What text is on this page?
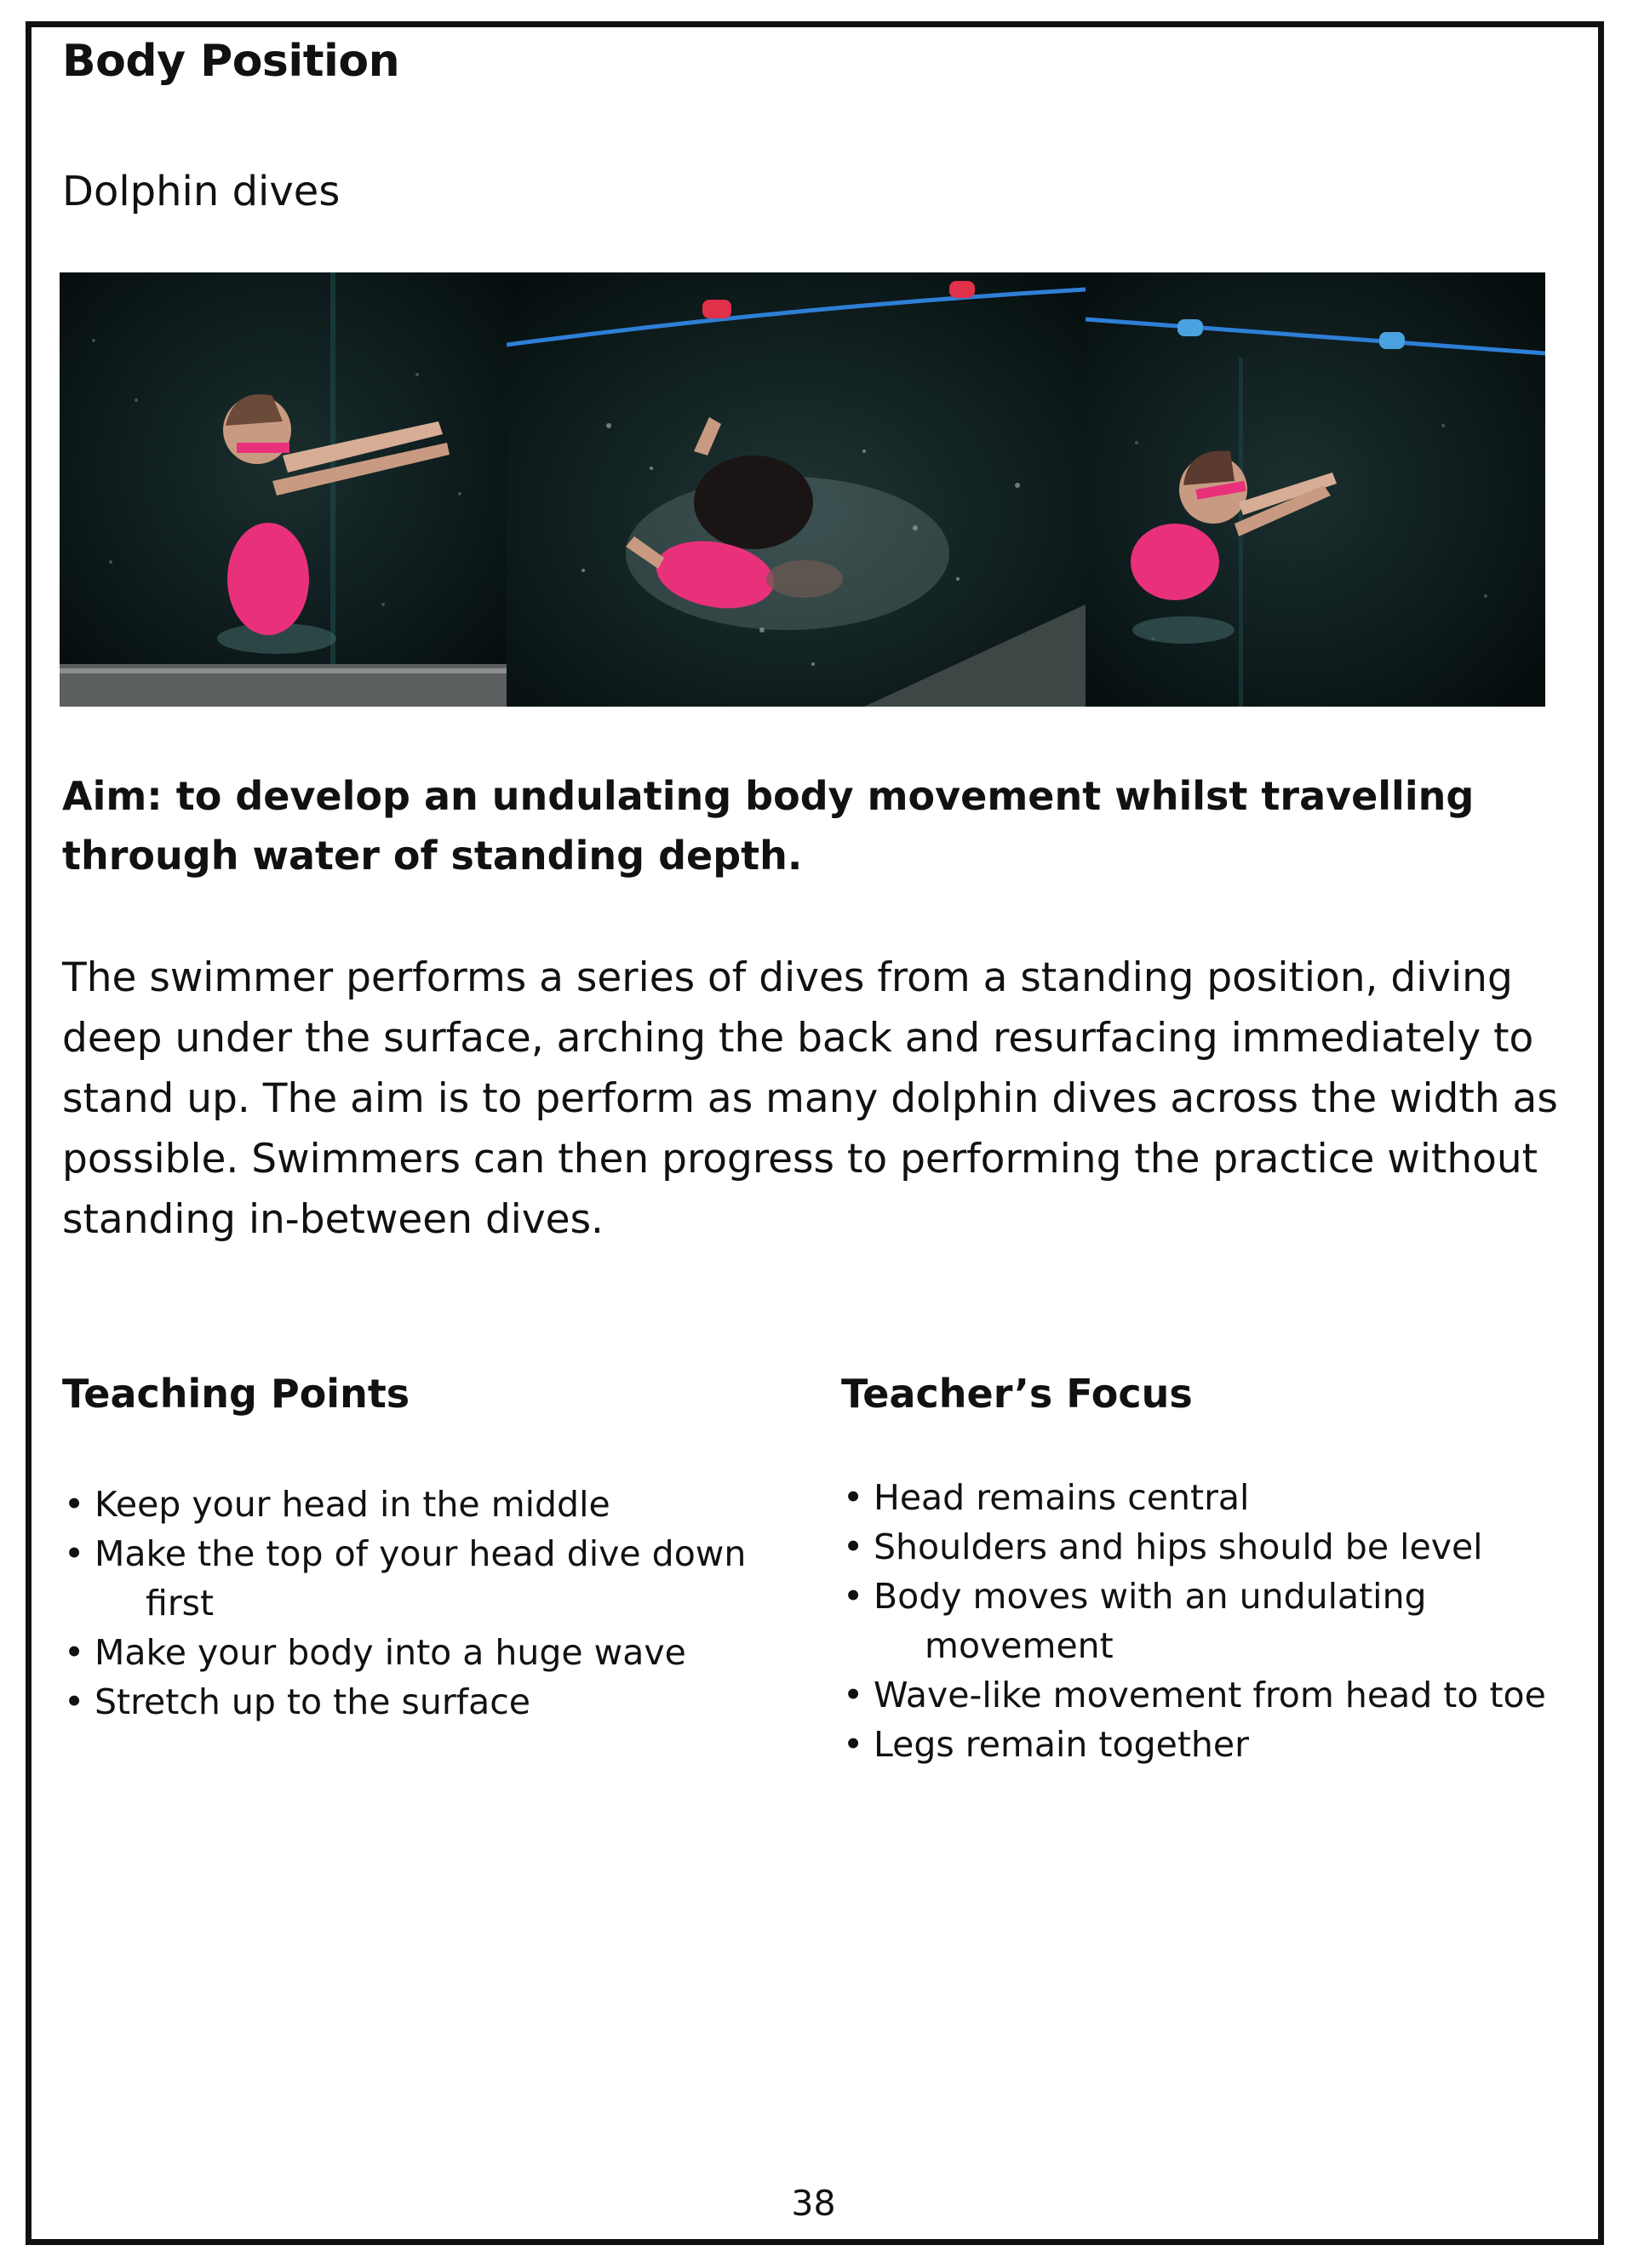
Body Position
Dolphin dives
Aim: to develop an undulating body movement whilst travelling through water of standing depth.
The swimmer performs a series of dives from a standing position, diving deep under the surface, arching the back and resurfacing immediately to stand up. The aim is to perform as many dolphin dives across the width as possible. Swimmers can then progress to performing the practice without standing in-between dives.
Teaching Points	Teacher’s Focus
• Keep your head in the middle
• Make the top of your head dive down
first
• Make your body into a huge wave
• Stretch up to the surface
• Head remains central
• Shoulders and hips should be level
• Body moves with an undulating
movement
• Wave-like movement from head to toe
• Legs remain together
38
